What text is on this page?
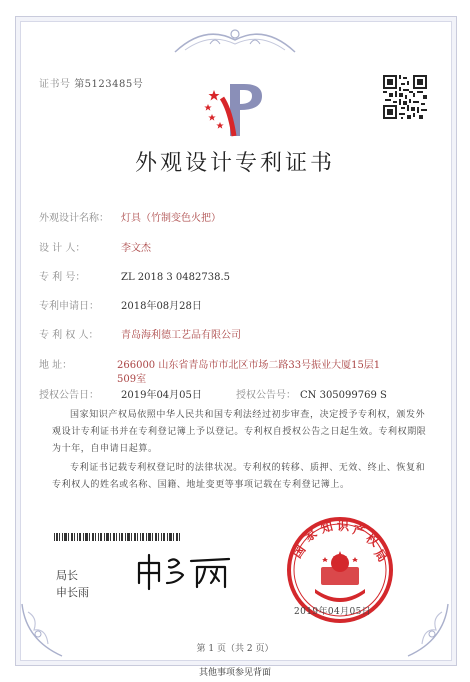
证书号 第5123485号
外观设计专利证书
外观设计名称： 灯具（竹制变色火把）
设 计 人：	李文杰
专 利 号：	ZL 2018 3 0482738.5
专利申请日： 2018年08月28日
专 利 权 人： 青岛海利德工艺品有限公司
地 址：	266000 山东省青岛市市北区市场二路33号振业大厦15层1
509室
授权公告日： 2019年04月05日	授权公告号： CN 305099769 S
国家知识产权局依照中华人民共和国专利法经过初步审查，决定授予专利权，颁发外观设计专利证书并在专利登记簿上予以登记。专利权自授权公告之日起生效。专利权期限为十年，自申请日起算。
专利证书记载专利权登记时的法律状况。专利权的转移、质押、无效、终止、恢复和专利权人的姓名或名称、国籍、地址变更等事项记载在专利登记簿上。
局长
申长雨
国
家 知 识 产
权
局
2019年04月05日
第 1 页（共 2 页）
其他事项参见背面
